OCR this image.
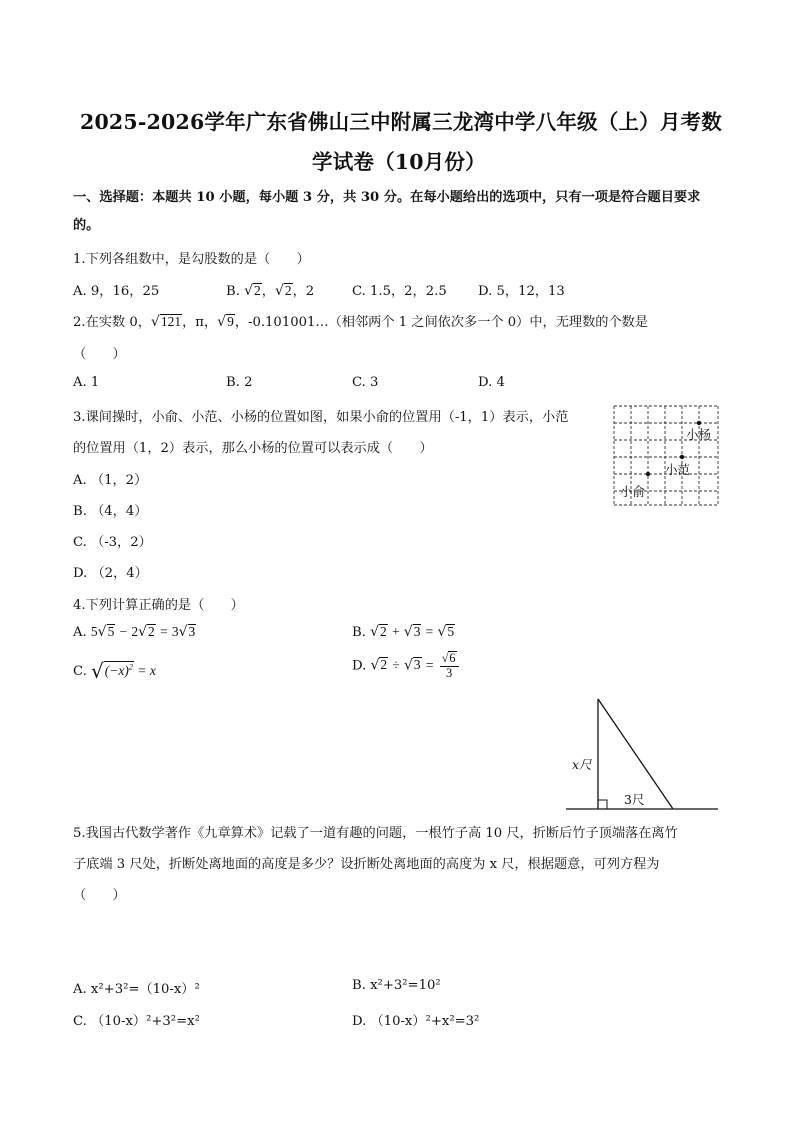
2025-2026学年广东省佛山三中附属三龙湾中学八年级（上）月考数
学试卷（10月份）
一、选择题：本题共 10 小题，每小题 3 分，共 30 分。在每小题给出的选项中，只有一项是符合题目要求
的。
1.下列各组数中，是勾股数的是（　　）
A. 9，16，25	B. √2，√2，2	C. 1.5，2，2.5 D. 5，12，13
2.在实数 0，√121，π，√9，-0.101001…（相邻两个 1 之间依次多一个 0）中，无理数的个数是
（　　）
A. 1	B. 2	C. 3	D. 4
3.课间操时，小俞、小范、小杨的位置如图，如果小俞的位置用（-1，1）表示，小范
的位置用（1，2）表示，那么小杨的位置可以表示成（　　）
A. （1，2）
B. （4，4）
C. （-3，2）
D. （2，4）
小杨
小范
小俞
4.下列计算正确的是（　　）
A. 5√5 − 2√2 = 3√3	B. √2 + √3 = √5
C. $√(-x)^2 = x$	D. $√2 \div √3 = \frac{√6}{3}$
x尺
3尺
5.我国古代数学著作《九章算术》记载了一道有趣的问题，一根竹子高 10 尺，折断后竹子顶端落在离竹
子底端 3 尺处，折断处离地面的高度是多少？设折断处离地面的高度为 x 尺，根据题意，可列方程为
（　　）
A. x²+3²=（10-x）²	B. x²+3²=10²
C. （10-x）²+3²=x²	D. （10-x）²+x²=3²
